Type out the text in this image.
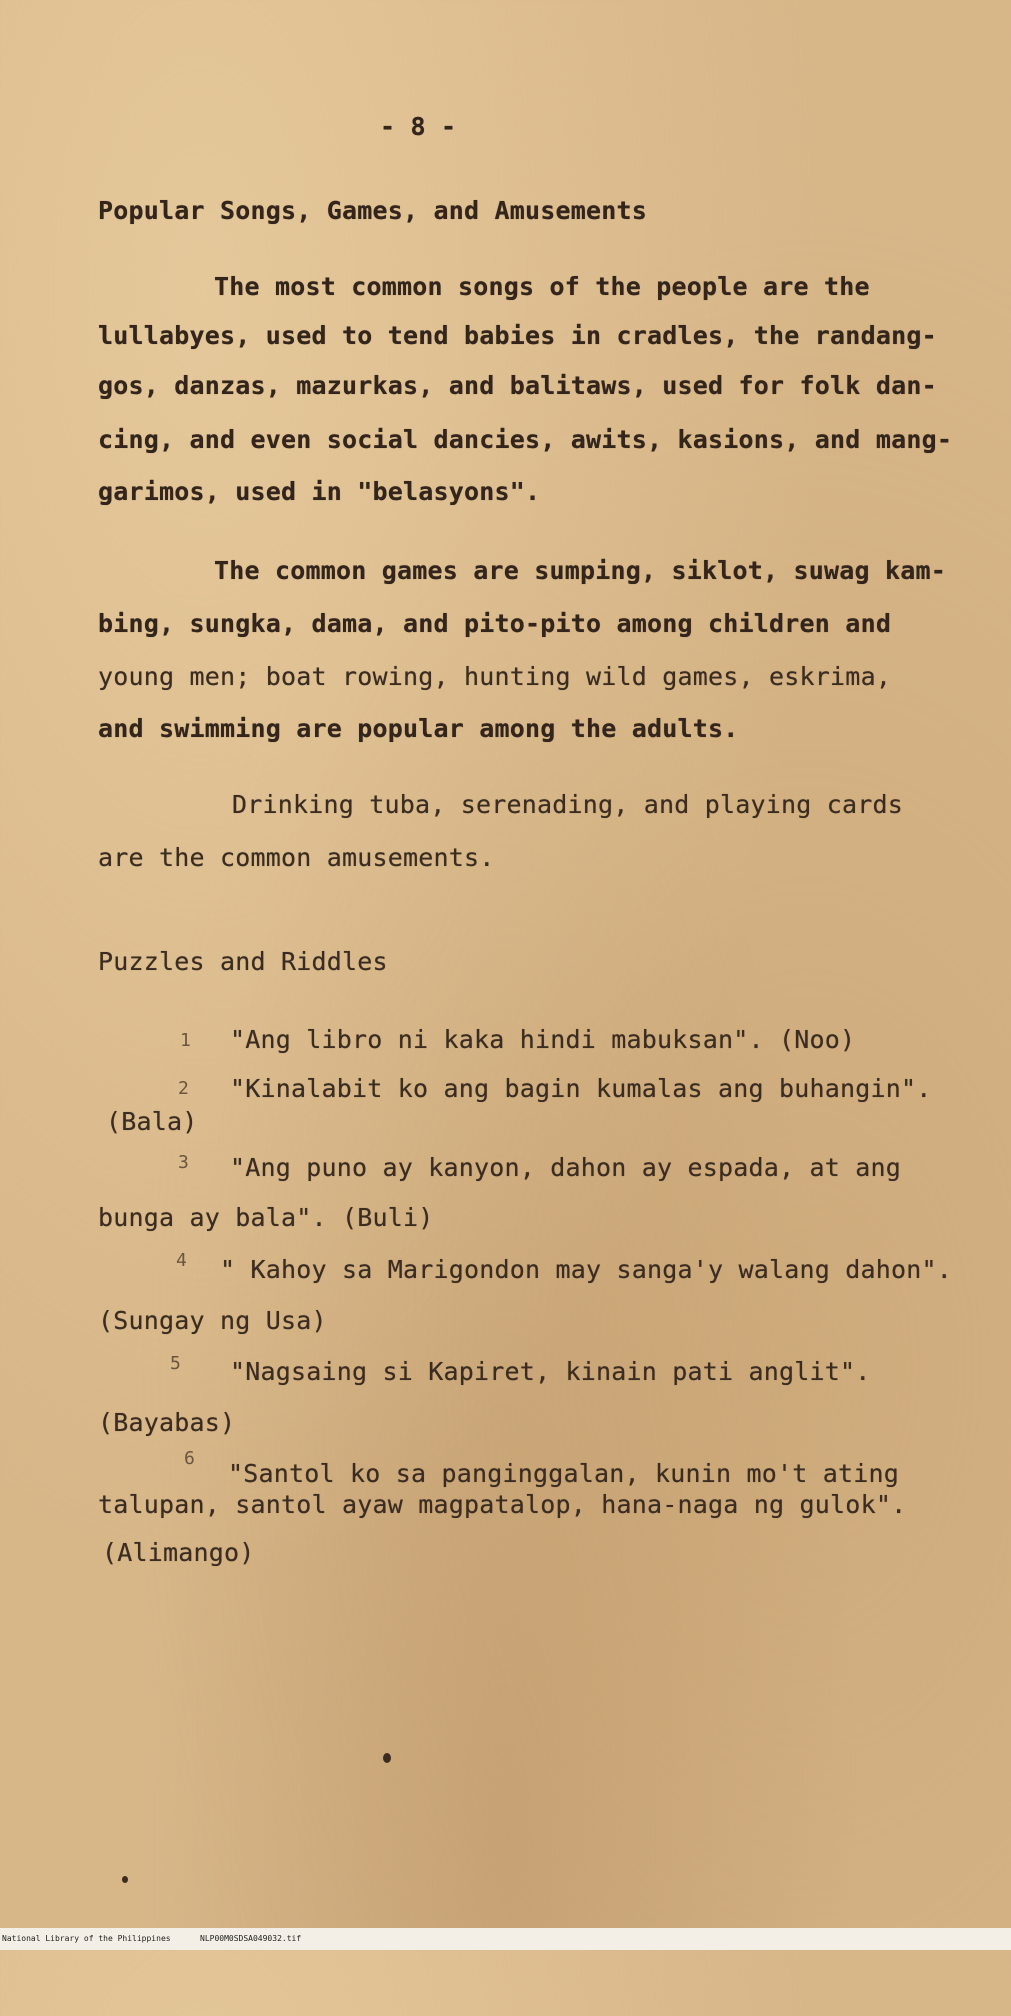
- 8 -
Popular Songs, Games, and Amusements
The most common songs of the people are the
lullabyes, used to tend babies in cradles, the randang-
gos, danzas, mazurkas, and balitaws, used for folk dan-
cing, and even social dancies, awits, kasions, and mang-
garimos, used in "belasyons".
The common games are sumping, siklot, suwag kam-
bing, sungka, dama, and pito-pito among children and
young men; boat rowing, hunting wild games, eskrima,
and swimming are popular among the adults.
Drinking tuba, serenading, and playing cards
are the common amusements.
Puzzles and Riddles
1 "Ang libro ni kaka hindi mabuksan". (Noo)
2 "Kinalabit ko ang bagin kumalas ang buhangin".
(Bala)
3 "Ang puno ay kanyon, dahon ay espada, at ang
bunga ay bala". (Buli)
4 " Kahoy sa Marigondon may sanga'y walang dahon".
(Sungay ng Usa)
5 "Nagsaing si Kapiret, kinain pati anglit".
(Bayabas)
6
"Santol ko sa panginggalan, kunin mo't ating
talupan, santol ayaw magpatalop, hana-naga ng gulok".
(Alimango)

National Library of the Philippines

	NLP00M0SDSA049032.tif
